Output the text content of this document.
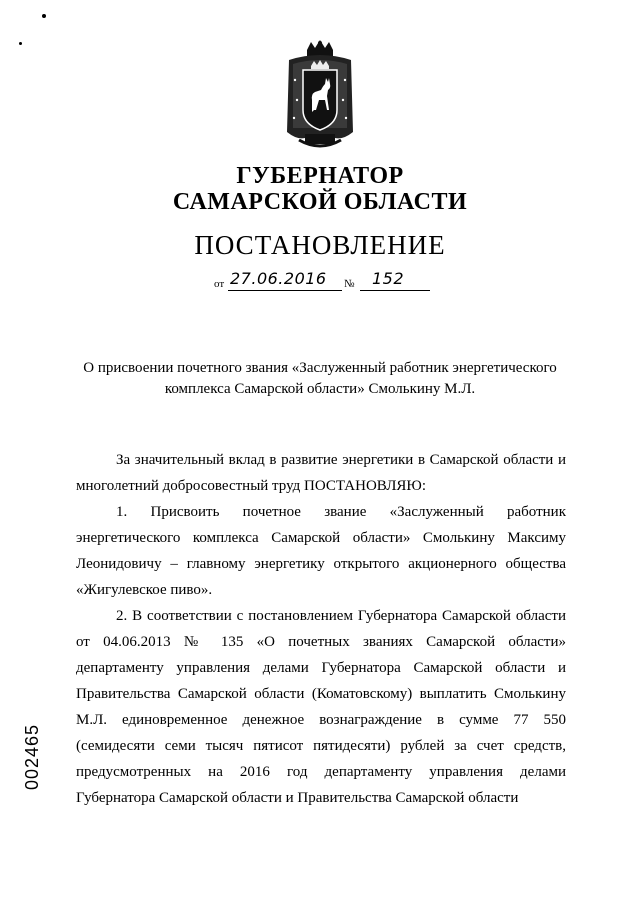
ГУБЕРНАТОР
САМАРСКОЙ ОБЛАСТИ
ПОСТАНОВЛЕНИЕ
от 27.06.2016 № 152
О присвоении почетного звания «Заслуженный работник энергетического
комплекса Самарской области» Смолькину М.Л.

За значительный вклад в развитие энергетики в Самарской области и многолетний добросовестный труд ПОСТАНОВЛЯЮ:

1. Присвоить почетное звание «Заслуженный работник энергетического комплекса Самарской области» Смолькину Максиму Леонидовичу – главному энергетику открытого акционерного общества «Жигулевское пиво».

2. В соответствии с постановлением Губернатора Самарской области от 04.06.2013 № 135 «О почетных званиях Самарской области» департаменту управления делами Губернатора Самарской области и Правительства Самарской области (Коматовскому) выплатить Смолькину М.Л. единовременное денежное вознаграждение в сумме 77 550 (семидесяти семи тысяч пятисот пятидесяти) рублей за счет средств, предусмотренных на 2016 год департаменту управления делами Губернатора Самарской области и Правительства Самарской области

002465
